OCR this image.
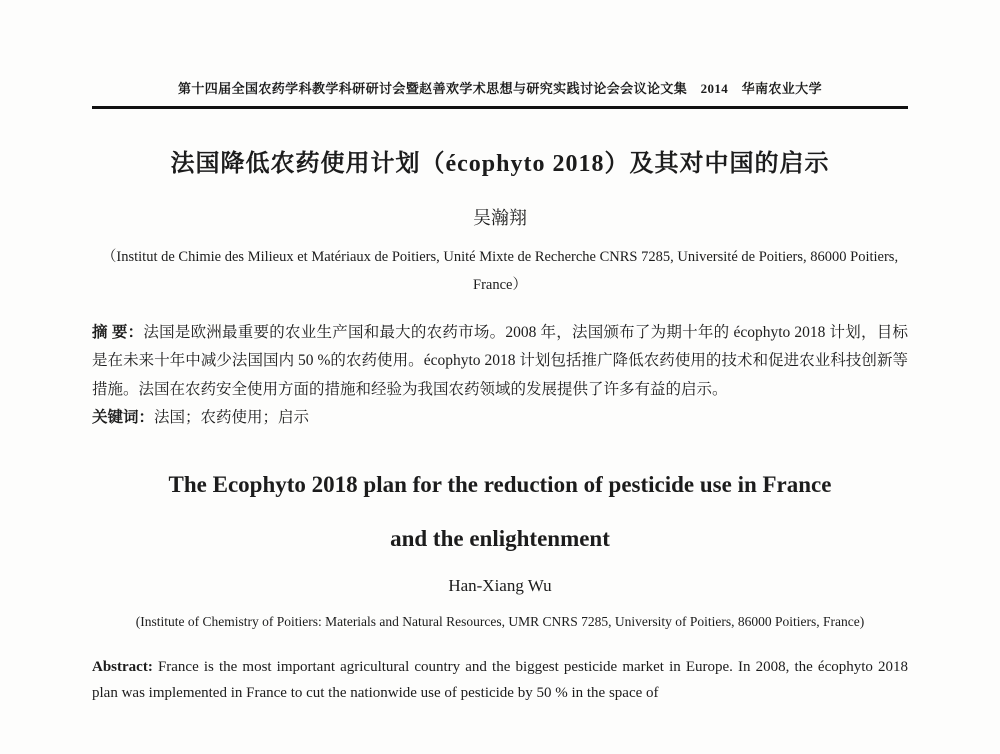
第十四届全国农药学科教学科研研讨会暨赵善欢学术思想与研究实践讨论会会议论文集　2014　华南农业大学
法国降低农药使用计划（écophyto 2018）及其对中国的启示
吴瀚翔
（Institut de Chimie des Milieux et Matériaux de Poitiers, Unité Mixte de Recherche CNRS 7285, Université de Poitiers, 86000 Poitiers, France）
摘 要：法国是欧洲最重要的农业生产国和最大的农药市场。2008 年，法国颁布了为期十年的 écophyto 2018 计划，目标是在未来十年中减少法国国内 50 %的农药使用。écophyto 2018 计划包括推广降低农药使用的技术和促进农业科技创新等措施。法国在农药安全使用方面的措施和经验为我国农药领域的发展提供了许多有益的启示。
关键词：法国；农药使用；启示
The Ecophyto 2018 plan for the reduction of pesticide use in France
and the enlightenment
Han-Xiang Wu
(Institute of Chemistry of Poitiers: Materials and Natural Resources, UMR CNRS 7285, University of Poitiers, 86000 Poitiers, France)
Abstract: France is the most important agricultural country and the biggest pesticide market in Europe. In 2008, the écophyto 2018 plan was implemented in France to cut the nationwide use of pesticide by 50 % in the space of
